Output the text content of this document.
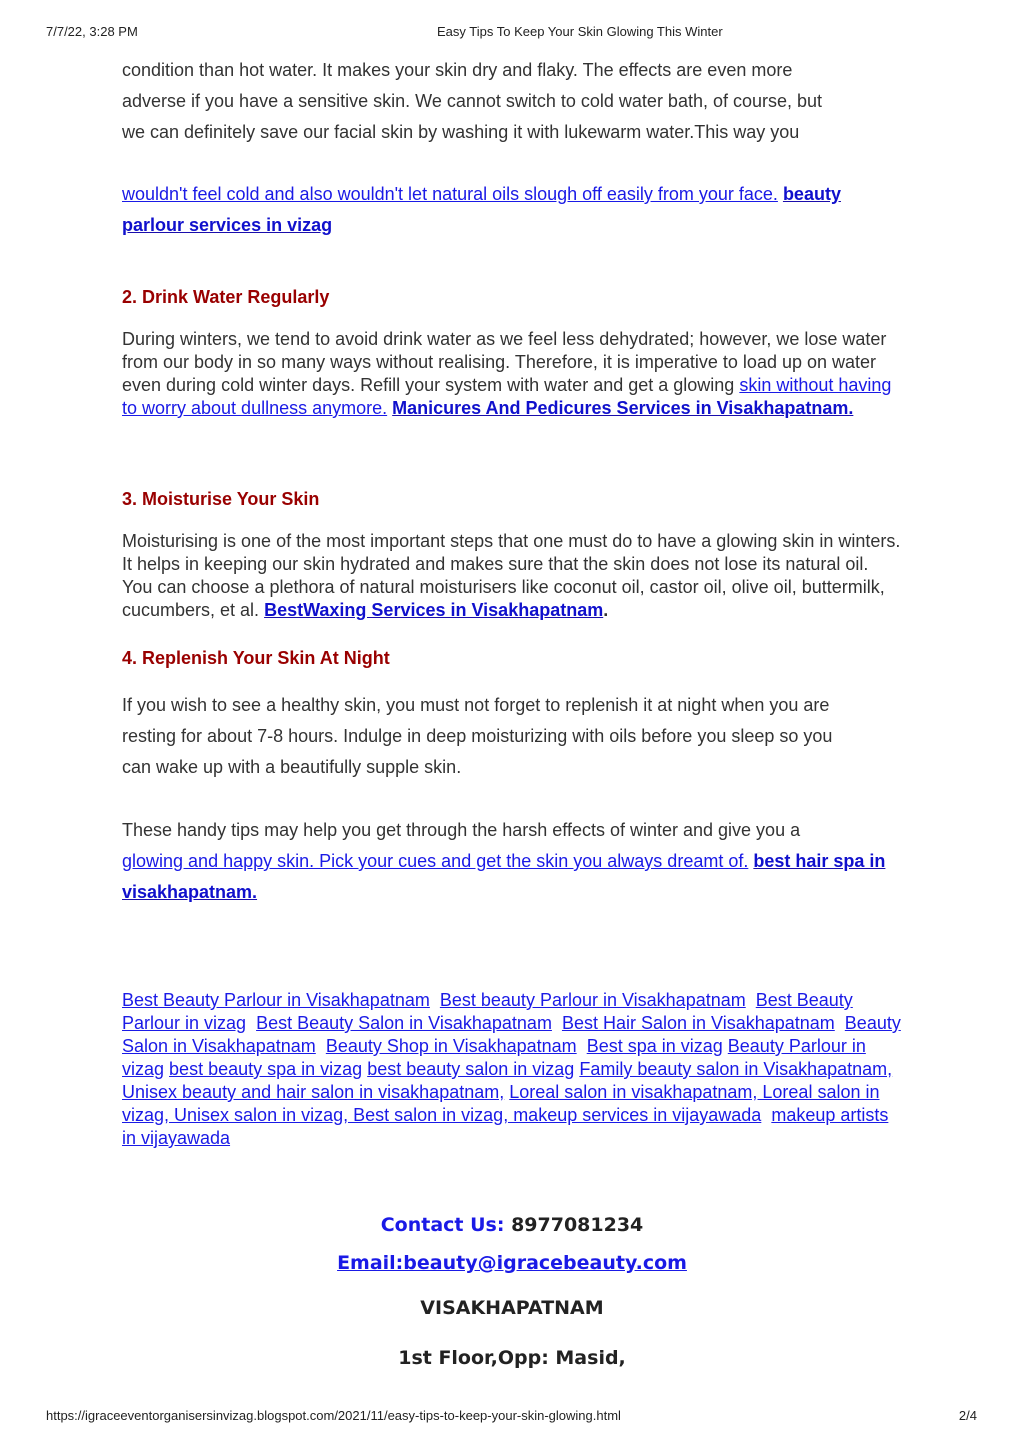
7/7/22, 3:28 PM	Easy Tips To Keep Your Skin Glowing This Winter

condition than hot water. It makes your skin dry and flaky. The effects are even more

adverse if you have a sensitive skin. We cannot switch to cold water bath, of course, but

we can definitely save our facial skin by washing it with lukewarm water.This way you

wouldn't feel cold and also wouldn't let natural oils slough off easily from your face. beauty parlour services in vizag

2. Drink Water Regularly

During winters, we tend to avoid drink water as we feel less dehydrated; however, we lose water from our body in so many ways without realising. Therefore, it is imperative to load up on water even during cold winter days. Refill your system with water and get a glowing skin without having to worry about dullness anymore. Manicures And Pedicures Services in Visakhapatnam.

3. Moisturise Your Skin

Moisturising is one of the most important steps that one must do to have a glowing skin in winters. It helps in keeping our skin hydrated and makes sure that the skin does not lose its natural oil. You can choose a plethora of natural moisturisers like coconut oil, castor oil, olive oil, buttermilk, cucumbers, et al. BestWaxing Services in Visakhapatnam.

4. Replenish Your Skin At Night

If you wish to see a healthy skin, you must not forget to replenish it at night when you are

resting for about 7-8 hours. Indulge in deep moisturizing with oils before you sleep so you

can wake up with a beautifully supple skin.

These handy tips may help you get through the harsh effects of winter and give you a

glowing and happy skin. Pick your cues and get the skin you always dreamt of. best hair spa in visakhapatnam.

Best Beauty Parlour in Visakhapatnam Best beauty Parlour in Visakhapatnam Best Beauty Parlour in vizag Best Beauty Salon in Visakhapatnam Best Hair Salon in Visakhapatnam Beauty Salon in Visakhapatnam Beauty Shop in Visakhapatnam Best spa in vizag Beauty Parlour in vizag best beauty spa in vizag best beauty salon in vizag Family beauty salon in Visakhapatnam, Unisex beauty and hair salon in visakhapatnam, Loreal salon in visakhapatnam, Loreal salon in vizag, Unisex salon in vizag, Best salon in vizag, makeup services in vijayawada makeup artists in vijayawada
Contact Us: 8977081234
Email:beauty@igracebeauty.com
VISAKHAPATNAM
1st Floor,Opp: Masid,
https://igraceeventorganisersinvizag.blogspot.com/2021/11/easy-tips-to-keep-your-skin-glowing.html	2/4
